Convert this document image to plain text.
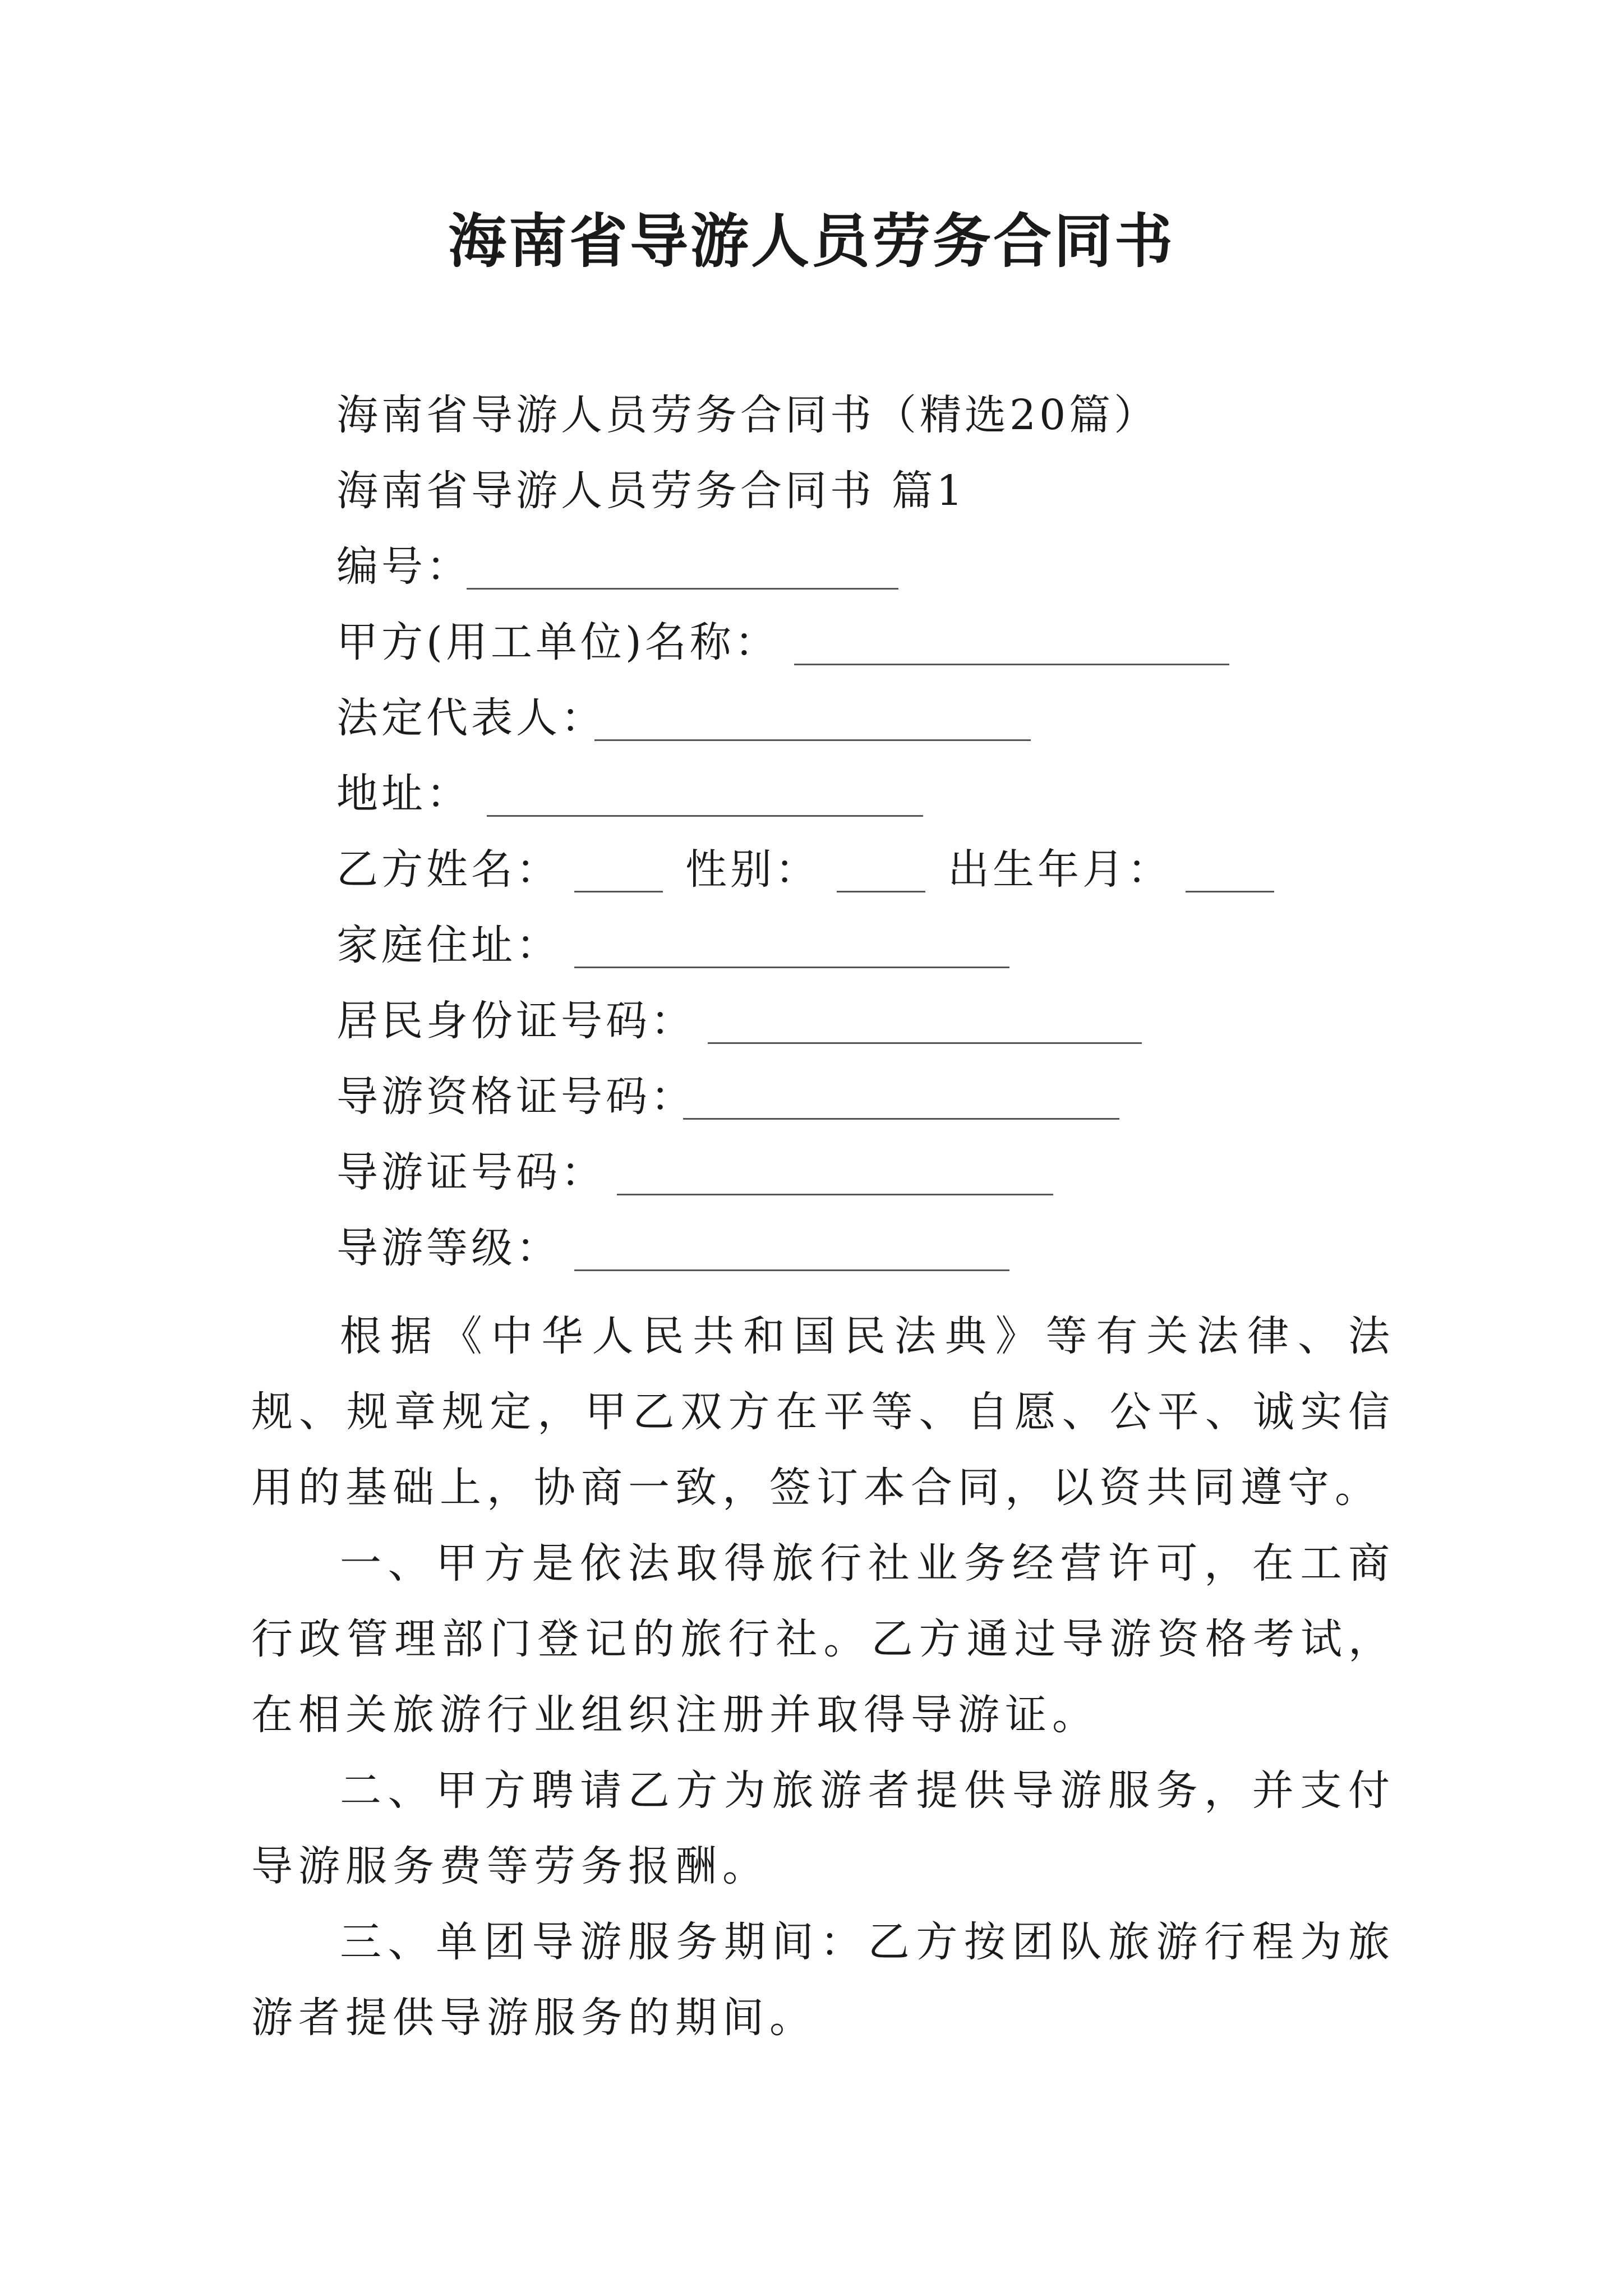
海南省导游人员劳务合同书
海南省导游人员劳务合同书（精选20篇）
海南省导游人员劳务合同书 篇1
编号：
甲方(用工单位)名称：
法定代表人：
地址：
乙方姓名：	性别：	出生年月：
家庭住址：
居民身份证号码：
导游资格证号码：
导游证号码：
导游等级：
根据《中华人民共和国民法典》等有关法律、法规、规章规定，甲乙双方在平等、自愿、公平、诚实信用的基础上，协商一致，签订本合同，以资共同遵守。
一、甲方是依法取得旅行社业务经营许可，在工商行政管理部门登记的旅行社。乙方通过导游资格考试，在相关旅游行业组织注册并取得导游证。
二、甲方聘请乙方为旅游者提供导游服务，并支付导游服务费等劳务报酬。
三、单团导游服务期间：乙方按团队旅游行程为旅游者提供导游服务的期间。
